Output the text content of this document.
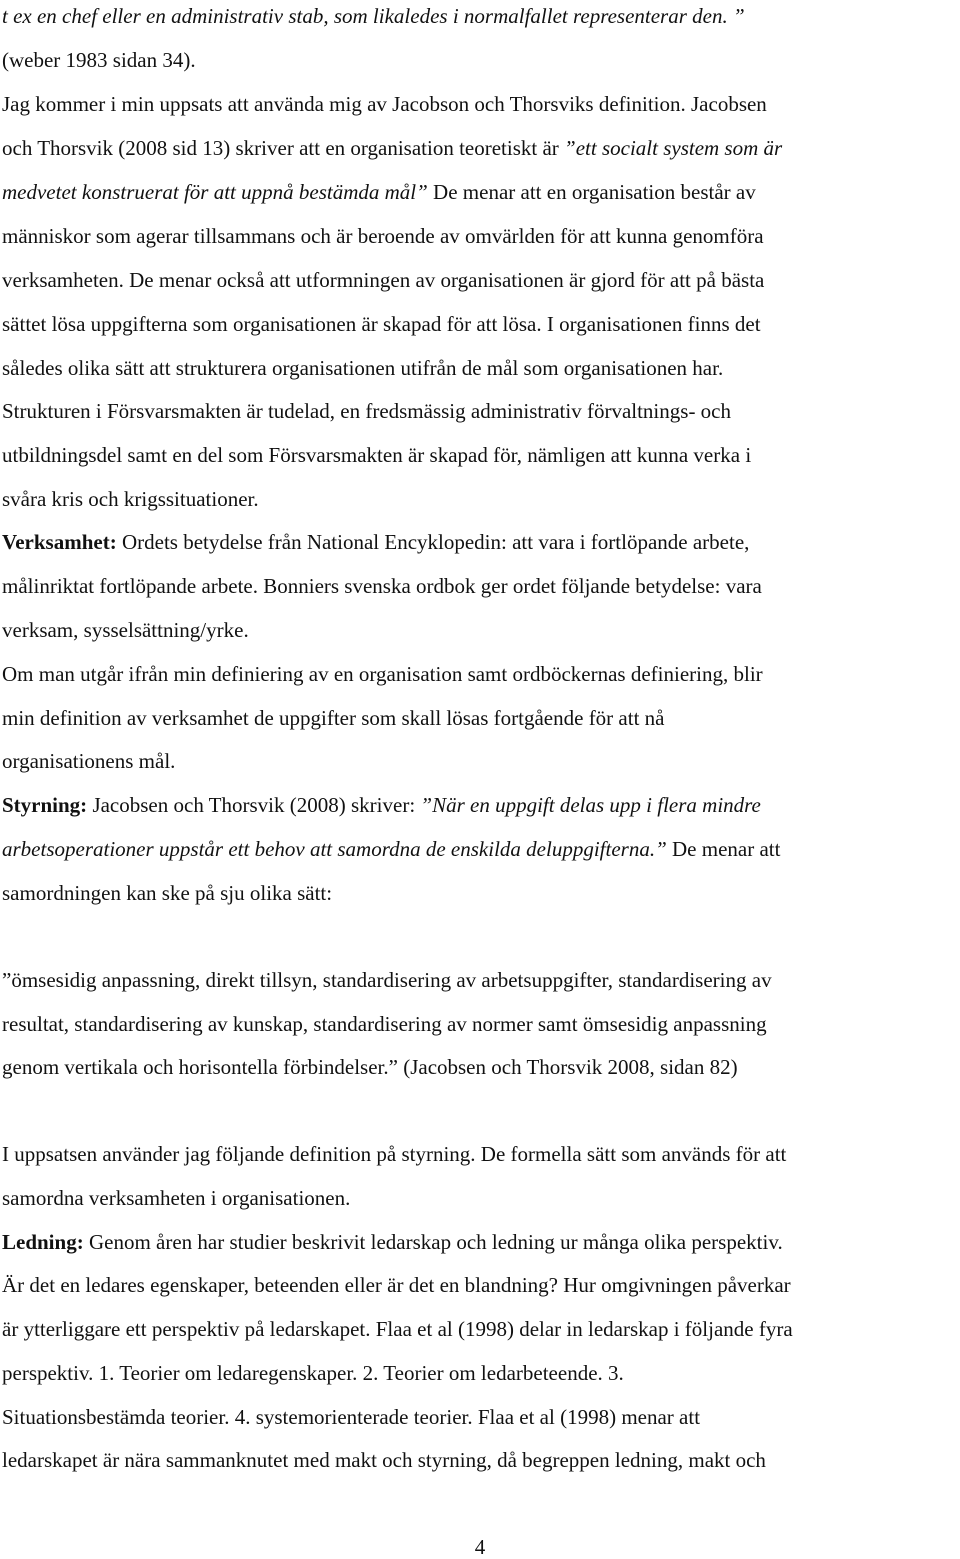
t ex en chef eller en administrativ stab, som likaledes i normalfallet representerar den. ”

(weber 1983 sidan 34).

Jag kommer i min uppsats att använda mig av Jacobson och Thorsviks definition. Jacobsen

och Thorsvik (2008 sid 13) skriver att en organisation teoretiskt är ”ett socialt system som är

medvetet konstruerat för att uppnå bestämda mål” De menar att en organisation består av

människor som agerar tillsammans och är beroende av omvärlden för att kunna genomföra

verksamheten. De menar också att utformningen av organisationen är gjord för att på bästa

sättet lösa uppgifterna som organisationen är skapad för att lösa. I organisationen finns det

således olika sätt att strukturera organisationen utifrån de mål som organisationen har.

Strukturen i Försvarsmakten är tudelad, en fredsmässig administrativ förvaltnings- och

utbildningsdel samt en del som Försvarsmakten är skapad för, nämligen att kunna verka i

svåra kris och krigssituationer.

Verksamhet: Ordets betydelse från National Encyklopedin: att vara i fortlöpande arbete,

målinriktat fortlöpande arbete. Bonniers svenska ordbok ger ordet följande betydelse: vara

verksam, sysselsättning/yrke.

Om man utgår ifrån min definiering av en organisation samt ordböckernas definiering, blir

min definition av verksamhet de uppgifter som skall lösas fortgående för att nå

organisationens mål.

Styrning: Jacobsen och Thorsvik (2008) skriver: ”När en uppgift delas upp i flera mindre

arbetsoperationer uppstår ett behov att samordna de enskilda deluppgifterna.” De menar att

samordningen kan ske på sju olika sätt:

”ömsesidig anpassning, direkt tillsyn, standardisering av arbetsuppgifter, standardisering av

resultat, standardisering av kunskap, standardisering av normer samt ömsesidig anpassning

genom vertikala och horisontella förbindelser.” (Jacobsen och Thorsvik 2008, sidan 82)

I uppsatsen använder jag följande definition på styrning. De formella sätt som används för att

samordna verksamheten i organisationen.

Ledning: Genom åren har studier beskrivit ledarskap och ledning ur många olika perspektiv.

Är det en ledares egenskaper, beteenden eller är det en blandning? Hur omgivningen påverkar

är ytterliggare ett perspektiv på ledarskapet. Flaa et al (1998) delar in ledarskap i följande fyra

perspektiv. 1. Teorier om ledaregenskaper. 2. Teorier om ledarbeteende. 3.

Situationsbestämda teorier. 4. systemorienterade teorier. Flaa et al (1998) menar att

ledarskapet är nära sammanknutet med makt och styrning, då begreppen ledning, makt och

4
